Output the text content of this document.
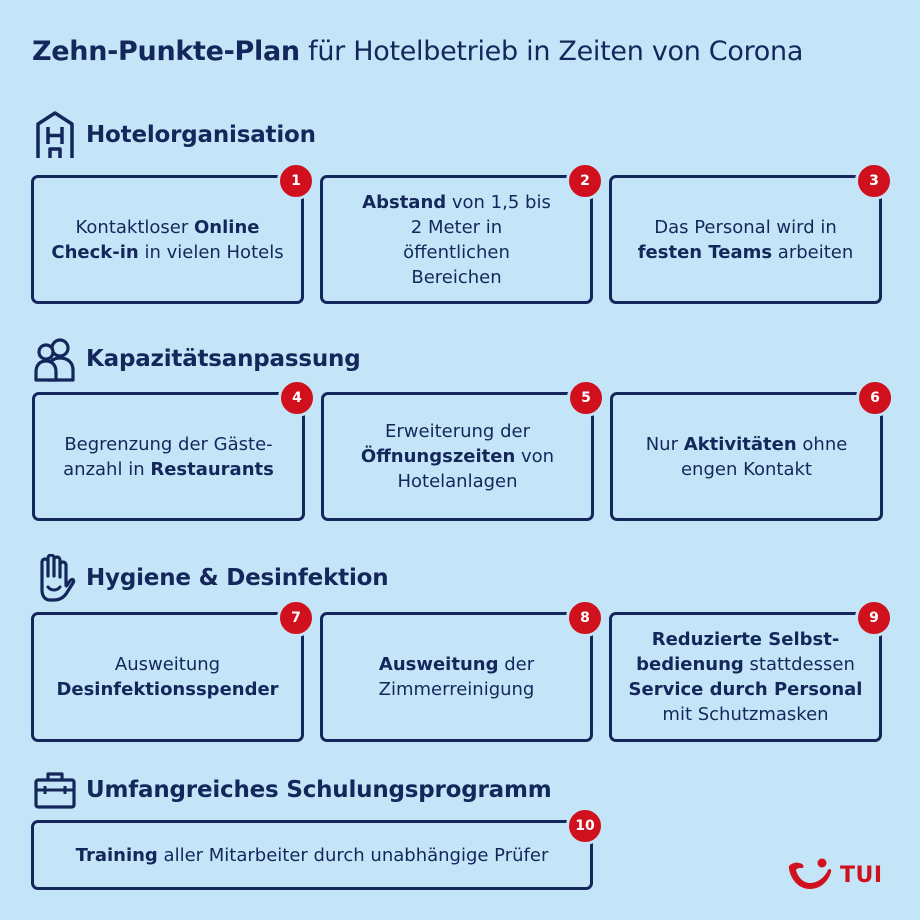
Zehn-Punkte-Plan für Hotelbetrieb in Zeiten von Corona
Hotelorganisation
Kapazitätsanpassung
Hygiene & Desinfektion
Umfangreiches Schulungsprogramm
Kontaktloser Online Check-in in vielen Hotels
1
Abstand von 1,5 bis 2 Meter in öffentlichen Bereichen
2
Das Personal wird in festen Teams arbeiten
3
Begrenzung der Gäste-anzahl in Restaurants
4
Erweiterung der Öffnungszeiten von Hotelanlagen
5
Nur Aktivitäten ohne engen Kontakt
6
Ausweitung Desinfektionsspender
7
Ausweitung der Zimmerreinigung
8
Reduzierte Selbst-bedienung stattdessen Service durch Personal mit Schutzmasken
9
Training aller Mitarbeiter durch unabhängige Prüfer
10
TUI
